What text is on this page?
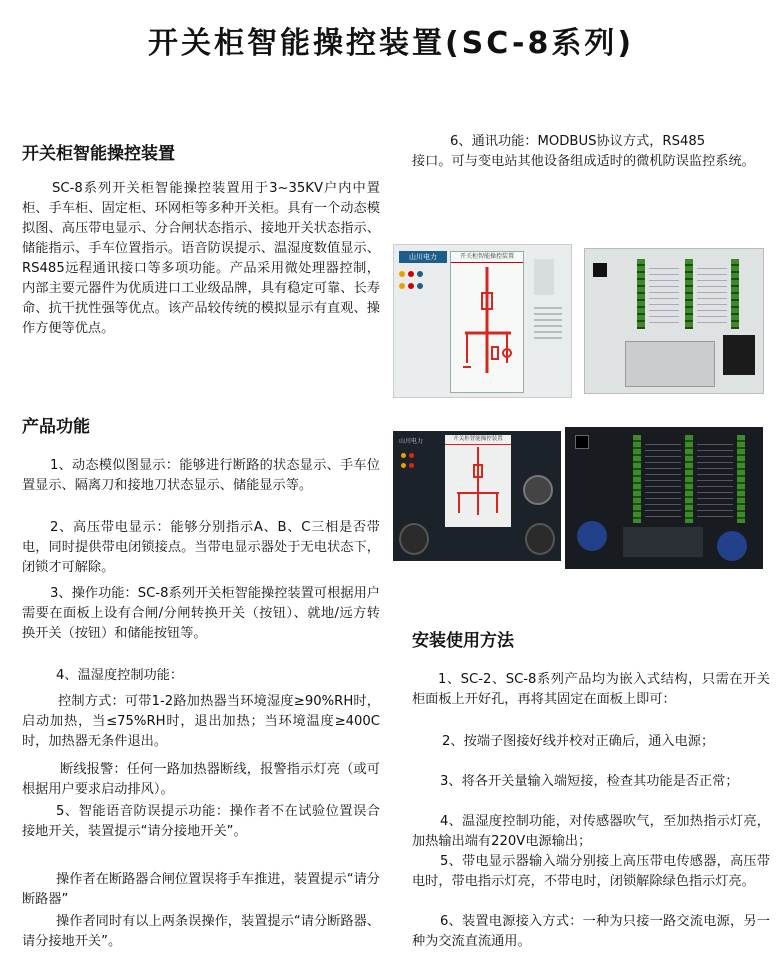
开关柜智能操控装置(SC-8系列)
开关柜智能操控装置

SC-8系列开关柜智能操控装置用于3~35KV户内中置柜、手车柜、固定柜、环网柜等多种开关柜。具有一个动态模拟图、高压带电显示、分合闸状态指示、接地开关状态指示、储能指示、手车位置指示。语音防误提示、温湿度数值显示、RS485远程通讯接口等多项功能。产品采用微处理器控制，内部主要元器件为优质进口工业级品牌，具有稳定可靠、长寿命、抗干扰性强等优点。该产品较传统的模拟显示有直观、操作方便等优点。

产品功能

1、动态模似图显示：能够进行断路的状态显示、手车位置显示、隔离刀和接地刀状态显示、储能显示等。

2、高压带电显示：能够分别指示A、B、C三相是否带电，同时提供带电闭锁接点。当带电显示器处于无电状态下，闭锁才可解除。

3、操作功能：SC-8系列开关柜智能操控装置可根据用户需要在面板上设有合闸/分闸转换开关（按钮）、就地/远方转换开关（按钮）和储能按钮等。

4、温湿度控制功能：

控制方式：可带1-2路加热器当环境湿度≥90%RH时，启动加热，当≤75%RH时，退出加热；当环境温度≥400C时，加热器无条件退出。

断线报警：任何一路加热器断线，报警指示灯亮（或可根据用户要求启动排风）。

5、智能语音防误提示功能：操作者不在试验位置误合接地开关，装置提示“请分接地开关”。

操作者在断路器合闸位置误将手车推进，装置提示“请分断路器”

操作者同时有以上两条误操作，装置提示“请分断路器、请分接地开关”。

6、通讯功能：MODBUS协议方式，RS485

接口。可与变电站其他设备组成适时的微机防误监控系统。

山川电力	开关柜智能操控装置
山川电力	开关柜智能操控装置
安装使用方法

1、SC-2、SC-8系列产品均为嵌入式结构，只需在开关柜面板上开好孔，再将其固定在面板上即可：

2、按端子图接好线并校对正确后，通入电源；

3、将各开关量输入端短接，检查其功能是否正常；

4、温湿度控制功能，对传感器吹气，至加热指示灯亮，加热输出端有220V电源输出；

5、带电显示器输入端分别接上高压带电传感器，高压带电时，带电指示灯亮，不带电时，闭锁解除绿色指示灯亮。

6、装置电源接入方式：一种为只接一路交流电源，另一种为交流直流通用。
